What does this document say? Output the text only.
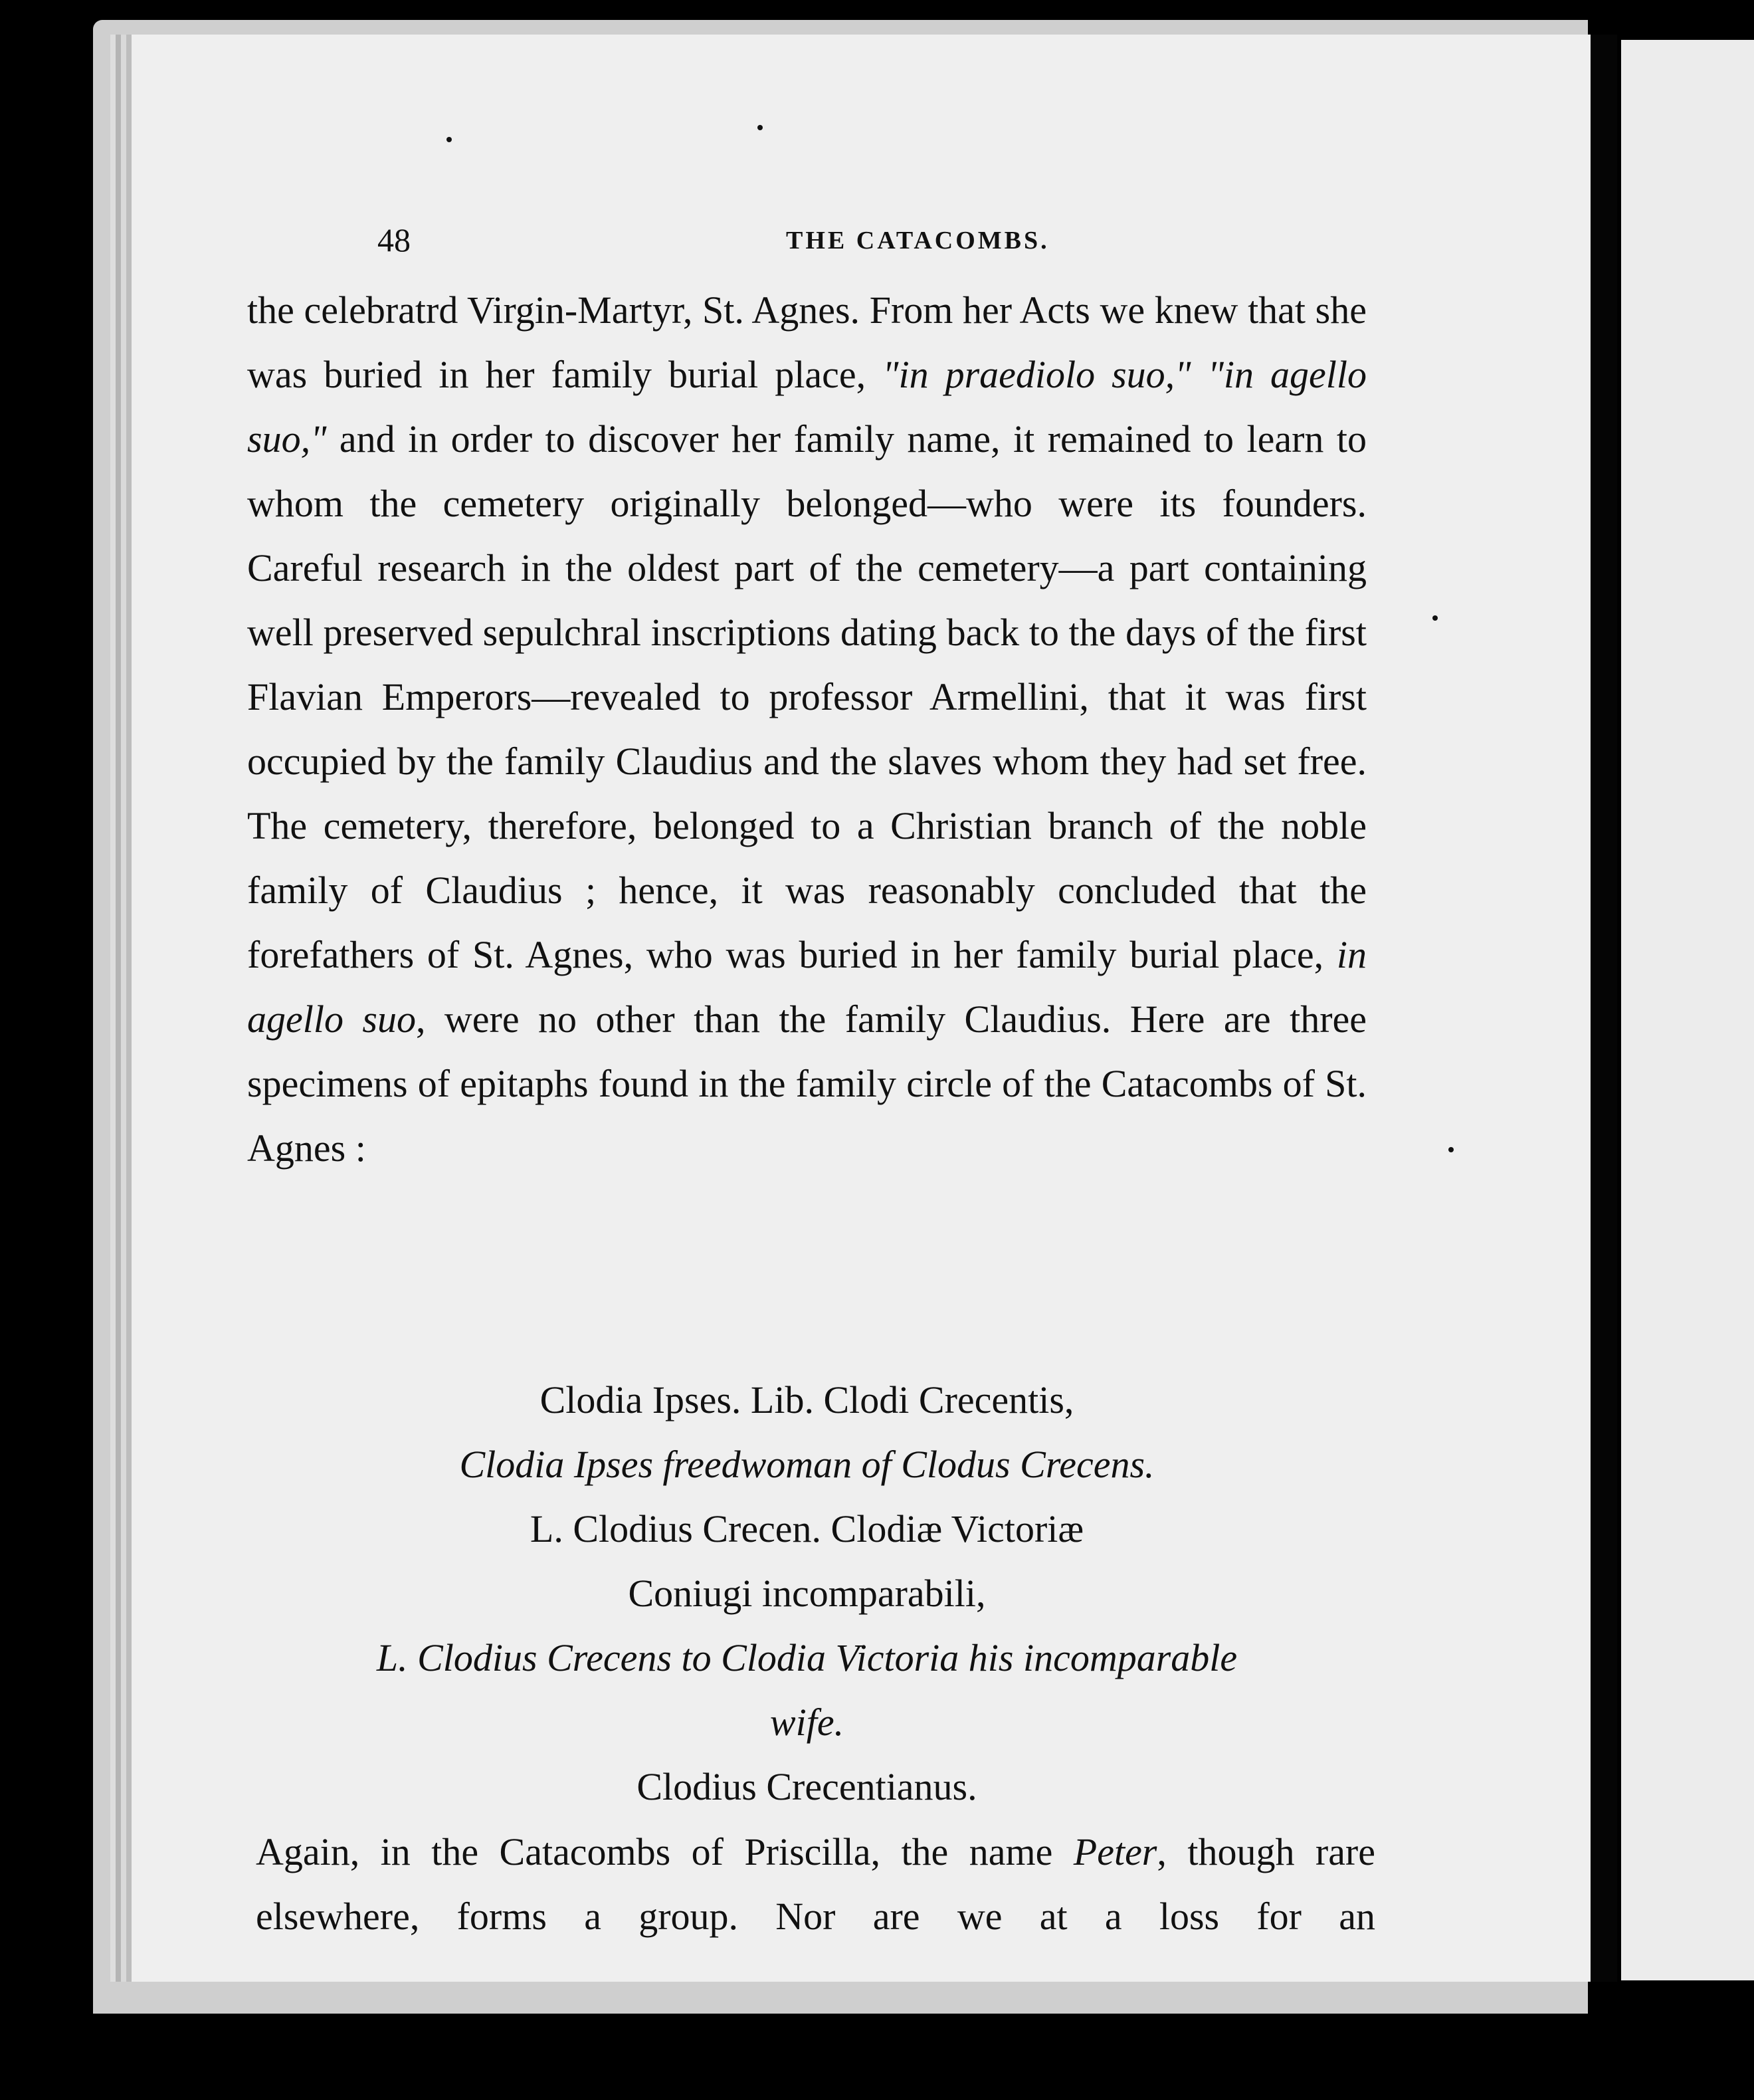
48	THE CATACOMBS.

the celebratrd Virgin-Martyr, St. Agnes. From her Acts we knew that she was buried in her family burial place, "in praediolo suo," "in agello suo," and in order to discover her family name, it remained to learn to whom the cemetery originally belonged—who were its founders. Careful research in the oldest part of the cemetery—a part containing well preserved sepulchral inscriptions dating back to the days of the first Flavian Emperors—revealed to professor Armellini, that it was first occupied by the family Claudius and the slaves whom they had set free. The cemetery, therefore, belonged to a Christian branch of the noble family of Claudius ; hence, it was reasonably concluded that the forefathers of St. Agnes, who was buried in her family burial place, in agello suo, were no other than the family Claudius. Here are three specimens of epitaphs found in the family circle of the Catacombs of St. Agnes :

Clodia Ipses. Lib. Clodi Crecentis,
Clodia Ipses freedwoman of Clodus Crecens.
L. Clodius Crecen. Clodiæ Victoriæ
Coniugi incomparabili,
L. Clodius Crecens to Clodia Victoria his incomparable
wife.
Clodius Crecentianus.
Again, in the Catacombs of Priscilla, the name Peter, though rare elsewhere, forms a group. Nor are we at a loss for an
